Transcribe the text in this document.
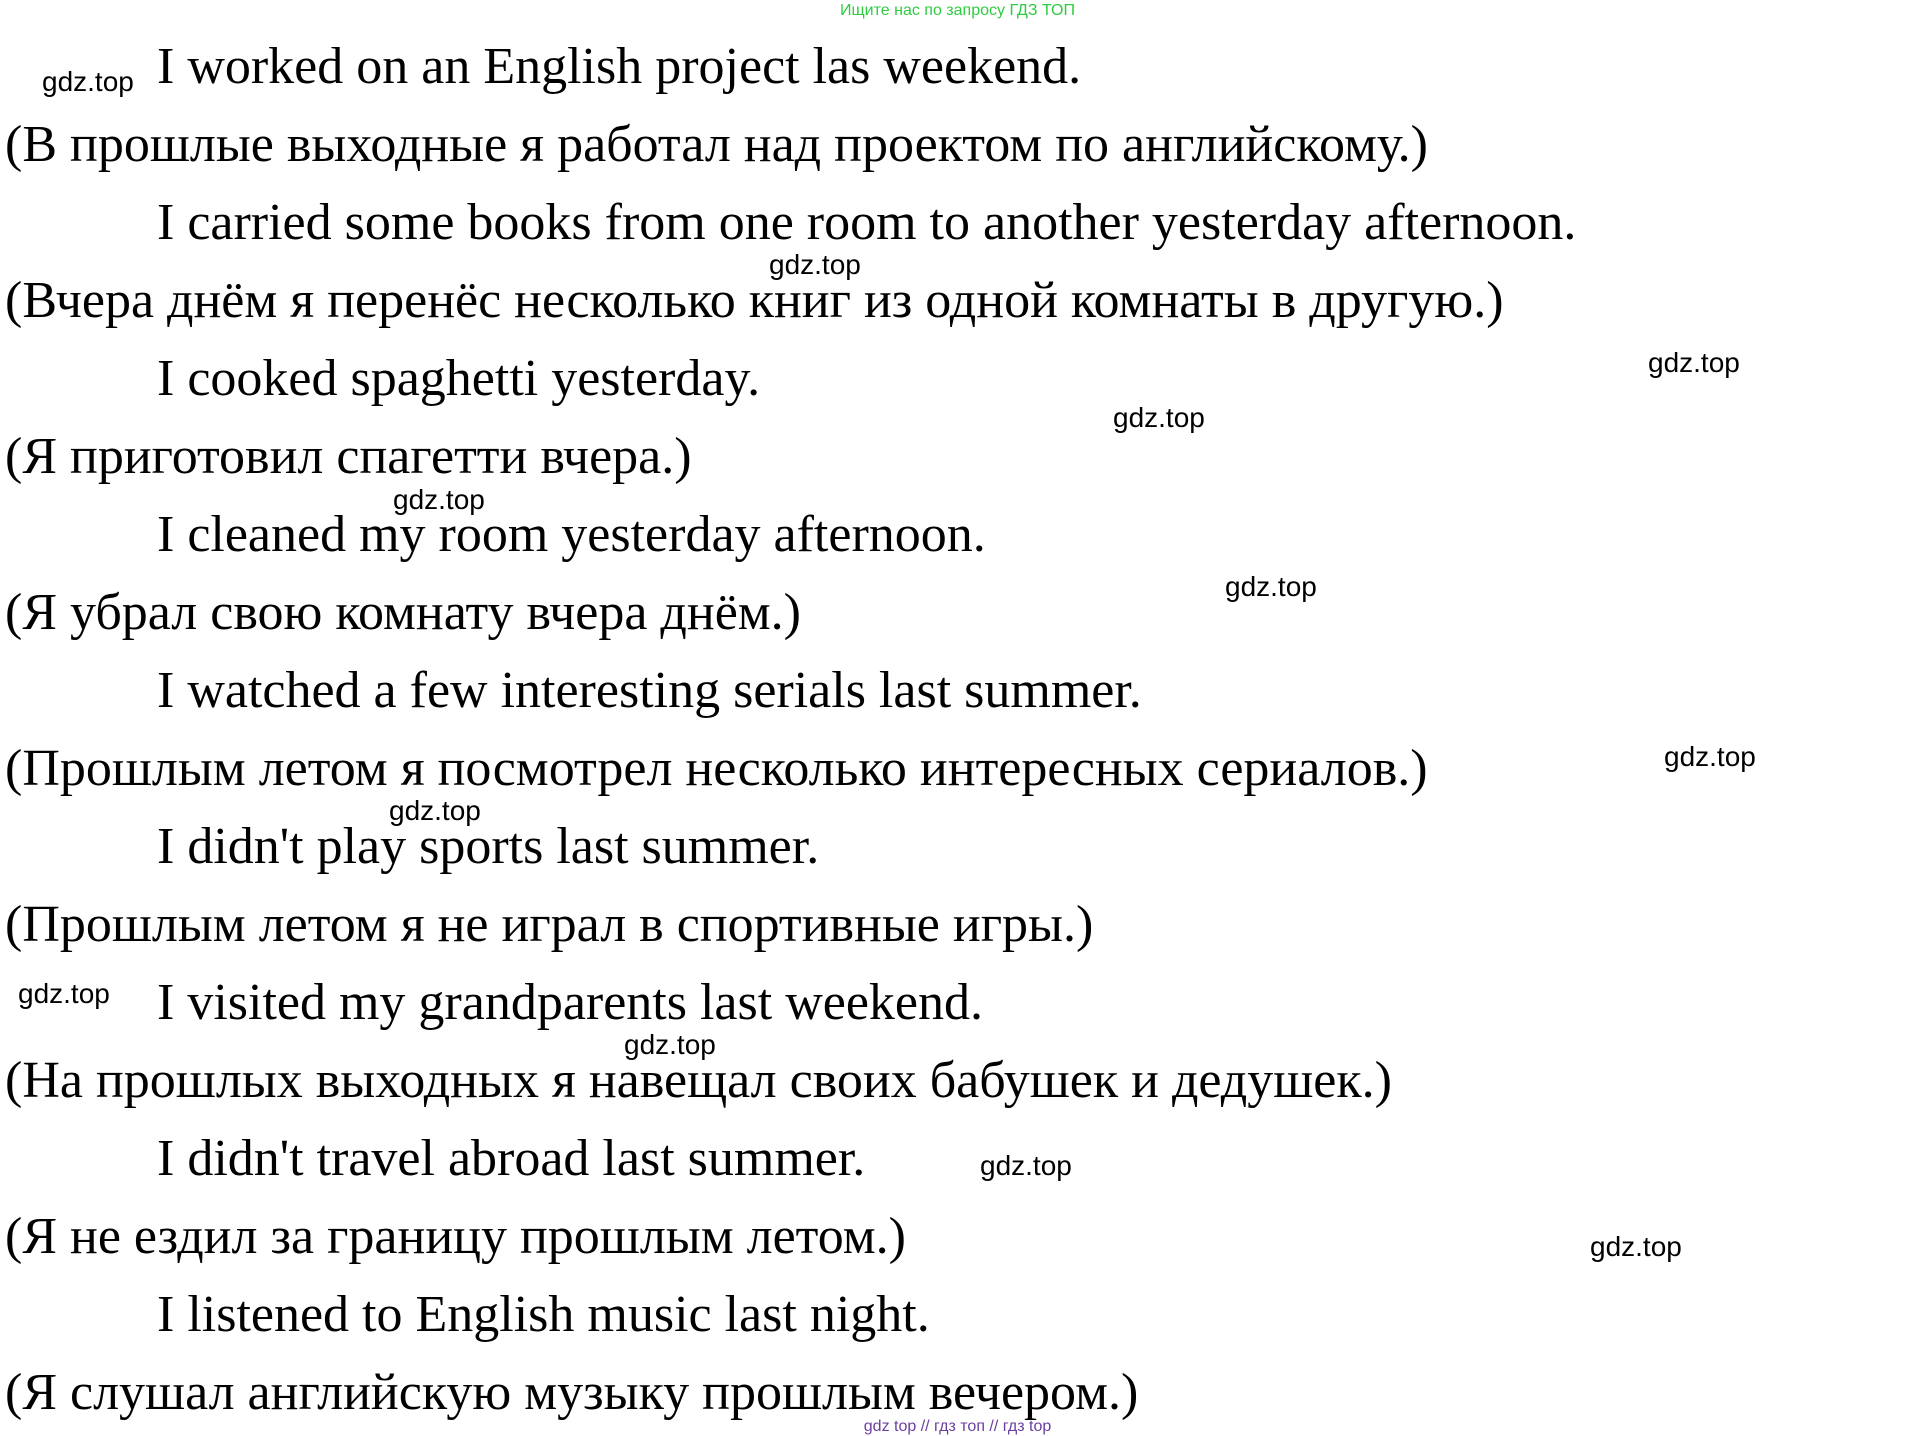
Ищите нас по запросу ГДЗ ТОП
I worked on an English project las weekend.
(В прошлые выходные я работал над проектом по английскому.)
I carried some books from one room to another yesterday afternoon.
(Вчера днём я перенёс несколько книг из одной комнаты в другую.)
I cooked spaghetti yesterday.
(Я приготовил спагетти вчера.)
I cleaned my room yesterday afternoon.
(Я убрал свою комнату вчера днём.)
I watched a few interesting serials last summer.
(Прошлым летом я посмотрел несколько интересных сериалов.)
I didn't play sports last summer.
(Прошлым летом я не играл в спортивные игры.)
I visited my grandparents last weekend.
(На прошлых выходных я навещал своих бабушек и дедушек.)
I didn't travel abroad last summer.
(Я не ездил за границу прошлым летом.)
I listened to English music last night.
(Я слушал английскую музыку прошлым вечером.)
gdz.top
gdz.top
gdz.top
gdz.top
gdz.top
gdz.top
gdz.top
gdz.top
gdz.top
gdz.top
gdz.top
gdz.top
gdz top // гдз топ // гдз top
